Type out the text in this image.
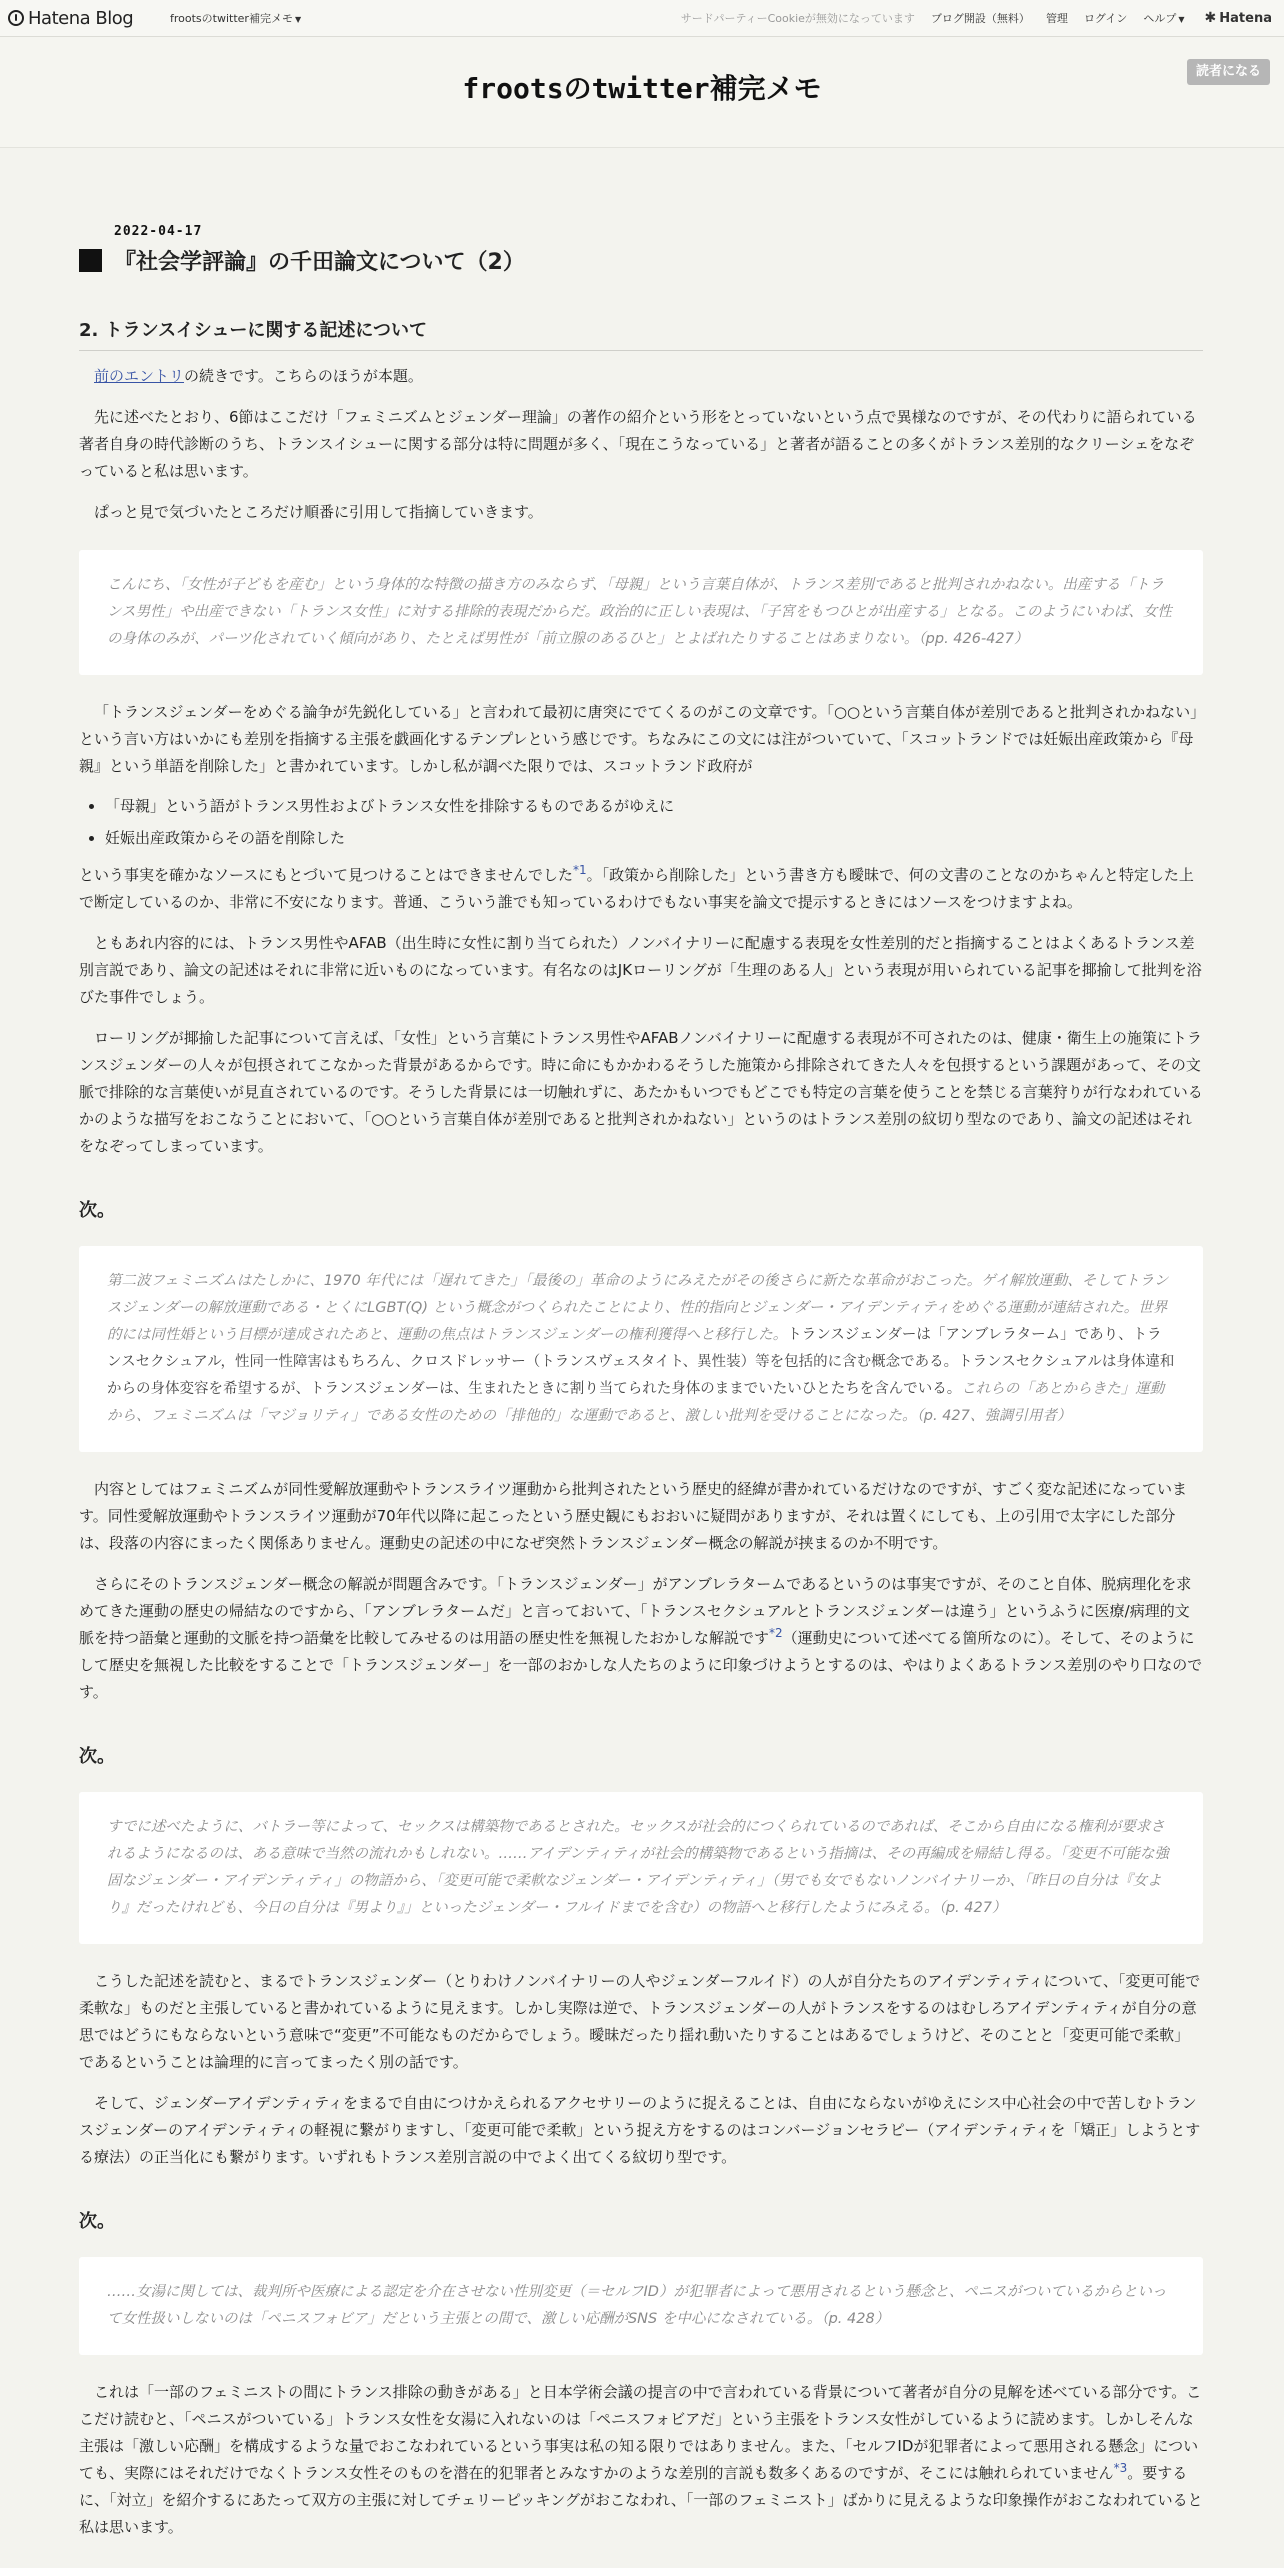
Hatena Blog	frootsのtwitter補完メモ ▼	サードパーティーCookieが無効になっています ブログ開設（無料） 管理 ログイン ヘルプ ▼ ✱ Hatena
frootsのtwitter補完メモ
読者になる
2022-04-17
『社会学評論』の千田論文について（2）
2. トランスイシューに関する記述について

前のエントリの続きです。こちらのほうが本題。

先に述べたとおり、6節はここだけ「フェミニズムとジェンダー理論」の著作の紹介という形をとっていないという点で異様なのですが、その代わりに語られている著者自身の時代診断のうち、トランスイシューに関する部分は特に問題が多く、「現在こうなっている」と著者が語ることの多くがトランス差別的なクリーシェをなぞっていると私は思います。

ぱっと見で気づいたところだけ順番に引用して指摘していきます。

こんにち、「女性が子どもを産む」という身体的な特徴の描き方のみならず、「母親」という言葉自体が、トランス差別であると批判されかねない。出産する「トランス男性」や出産できない「トランス女性」に対する排除的表現だからだ。政治的に正しい表現は、「子宮をもつひとが出産する」となる。このようにいわば、女性の身体のみが、パーツ化されていく傾向があり、たとえば男性が「前立腺のあるひと」とよばれたりすることはあまりない。（pp. 426-427）

「トランスジェンダーをめぐる論争が先鋭化している」と言われて最初に唐突にでてくるのがこの文章です。「○○という言葉自体が差別であると批判されかねない」という言い方はいかにも差別を指摘する主張を戯画化するテンプレという感じです。ちなみにこの文には注がついていて、「スコットランドでは妊娠出産政策から『母親』という単語を削除した」と書かれています。しかし私が調べた限りでは、スコットランド政府が

• 「母親」という語がトランス男性およびトランス女性を排除するものであるがゆえに
• 妊娠出産政策からその語を削除した

という事実を確かなソースにもとづいて見つけることはできませんでした$^{*1}$。「政策から削除した」という書き方も曖昧で、何の文書のことなのかちゃんと特定した上で断定しているのか、非常に不安になります。普通、こういう誰でも知っているわけでもない事実を論文で提示するときにはソースをつけますよね。

ともあれ内容的には、トランス男性やAFAB（出生時に女性に割り当てられた）ノンバイナリーに配慮する表現を女性差別的だと指摘することはよくあるトランス差別言説であり、論文の記述はそれに非常に近いものになっています。有名なのはJKローリングが「生理のある人」という表現が用いられている記事を揶揄して批判を浴びた事件でしょう。

ローリングが揶揄した記事について言えば、「女性」という言葉にトランス男性やAFABノンバイナリーに配慮する表現が不可されたのは、健康・衛生上の施策にトランスジェンダーの人々が包摂されてこなかった背景があるからです。時に命にもかかわるそうした施策から排除されてきた人々を包摂するという課題があって、その文脈で排除的な言葉使いが見直されているのです。そうした背景には一切触れずに、あたかもいつでもどこでも特定の言葉を使うことを禁じる言葉狩りが行なわれているかのような描写をおこなうことにおいて、「○○という言葉自体が差別であると批判されかねない」というのはトランス差別の紋切り型なのであり、論文の記述はそれをなぞってしまっています。

次。
第二波フェミニズムはたしかに、1970 年代には「遅れてきた」「最後の」革命のようにみえたがその後さらに新たな革命がおこった。ゲイ解放運動、そしてトランスジェンダーの解放運動である・とくにLGBT(Q) という概念がつくられたことにより、性的指向とジェンダー・アイデンティティをめぐる運動が連結された。世界的には同性婚という目標が達成されたあと、運動の焦点はトランスジェンダーの権利獲得へと移行した。トランスジェンダーは「アンブレラターム」であり、トランスセクシュアル，性同一性障害はもちろん、クロスドレッサー（トランスヴェスタイト、異性装）等を包括的に含む概念である。トランスセクシュアルは身体違和からの身体変容を希望するが、トランスジェンダーは、生まれたときに割り当てられた身体のままでいたいひとたちを含んでいる。これらの「あとからきた」運動から、フェミニズムは「マジョリティ」である女性のための「排他的」な運動であると、激しい批判を受けることになった。（p. 427、強調引用者）

内容としてはフェミニズムが同性愛解放運動やトランスライツ運動から批判されたという歴史的経緯が書かれているだけなのですが、すごく変な記述になっています。同性愛解放運動やトランスライツ運動が70年代以降に起こったという歴史観にもおおいに疑問がありますが、それは置くにしても、上の引用で太字にした部分は、段落の内容にまったく関係ありません。運動史の記述の中になぜ突然トランスジェンダー概念の解説が挟まるのか不明です。

さらにそのトランスジェンダー概念の解説が問題含みです。「トランスジェンダー」がアンブレラタームであるというのは事実ですが、そのこと自体、脱病理化を求めてきた運動の歴史の帰結なのですから、「アンブレラタームだ」と言っておいて、「トランスセクシュアルとトランスジェンダーは違う」というふうに医療/病理的文脈を持つ語彙と運動的文脈を持つ語彙を比較してみせるのは用語の歴史性を無視したおかしな解説です$^{*2}$（運動史について述べてる箇所なのに）。そして、そのようにして歴史を無視した比較をすることで「トランスジェンダー」を一部のおかしな人たちのように印象づけようとするのは、やはりよくあるトランス差別のやり口なのです。

次。
すでに述べたように、バトラー等によって、セックスは構築物であるとされた。セックスが社会的につくられているのであれば、そこから自由になる権利が要求されるようになるのは、ある意味で当然の流れかもしれない。……アイデンティティが社会的構築物であるという指摘は、その再編成を帰結し得る。「変更不可能な強固なジェンダー・アイデンティティ」の物語から、「変更可能で柔軟なジェンダー・アイデンティティ」（男でも女でもないノンバイナリーか、「昨日の自分は『女より』だったけれども、今日の自分は『男より』」といったジェンダー・フルイドまでを含む）の物語へと移行したようにみえる。（p. 427）

こうした記述を読むと、まるでトランスジェンダー（とりわけノンバイナリーの人やジェンダーフルイド）の人が自分たちのアイデンティティについて、「変更可能で柔軟な」ものだと主張していると書かれているように見えます。しかし実際は逆で、トランスジェンダーの人がトランスをするのはむしろアイデンティティが自分の意思ではどうにもならないという意味で“変更”不可能なものだからでしょう。曖昧だったり揺れ動いたりすることはあるでしょうけど、そのことと「変更可能で柔軟」であるということは論理的に言ってまったく別の話です。

そして、ジェンダーアイデンティティをまるで自由につけかえられるアクセサリーのように捉えることは、自由にならないがゆえにシス中心社会の中で苦しむトランスジェンダーのアイデンティティの軽視に繋がりますし、「変更可能で柔軟」という捉え方をするのはコンバージョンセラピー（アイデンティティを「矯正」しようとする療法）の正当化にも繋がります。いずれもトランス差別言説の中でよく出てくる紋切り型です。

次。
……女湯に関しては、裁判所や医療による認定を介在させない性別変更（＝セルフID）が犯罪者によって悪用されるという懸念と、ペニスがついているからといって女性扱いしないのは「ペニスフォビア」だという主張との間で、激しい応酬がSNS を中心になされている。（p. 428）

これは「一部のフェミニストの間にトランス排除の動きがある」と日本学術会議の提言の中で言われている背景について著者が自分の見解を述べている部分です。ここだけ読むと、「ペニスがついている」トランス女性を女湯に入れないのは「ペニスフォビアだ」という主張をトランス女性がしているように読めます。しかしそんな主張は「激しい応酬」を構成するような量でおこなわれているという事実は私の知る限りではありません。また、「セルフIDが犯罪者によって悪用される懸念」についても、実際にはそれだけでなくトランス女性そのものを潜在的犯罪者とみなすかのような差別的言説も数多くあるのですが、そこには触れられていません$^{*3}$。要するに、「対立」を紹介するにあたって双方の主張に対してチェリーピッキングがおこなわれ、「一部のフェミニスト」ばかりに見えるような印象操作がおこなわれていると私は思います。
